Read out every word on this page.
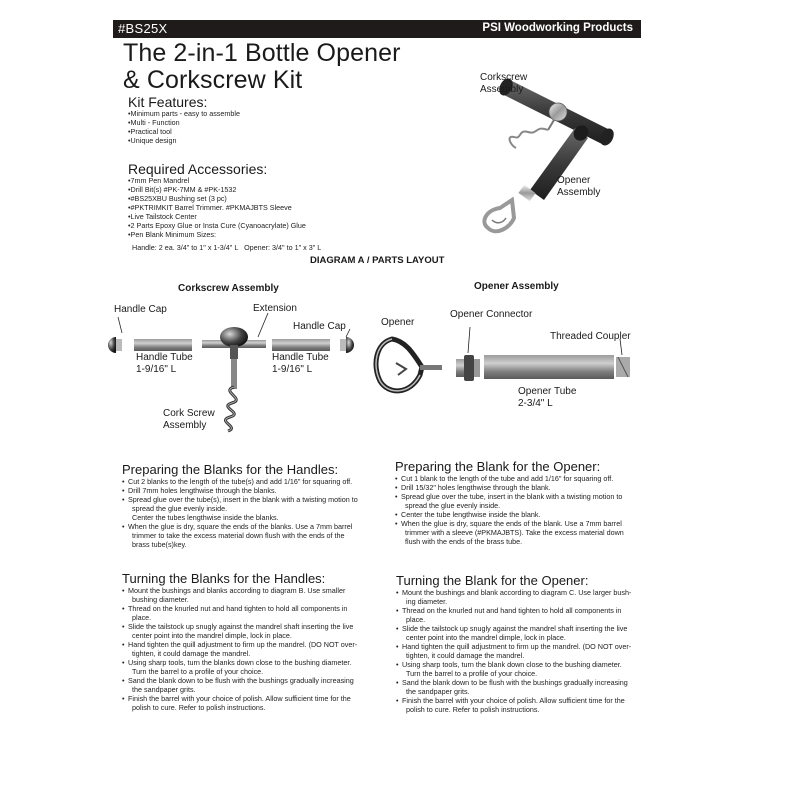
#BS25X	PSI Woodworking Products
The 2-in-1 Bottle Opener
& Corkscrew Kit
Kit Features:
• Minimum parts - easy to assemble
• Multi - Function
• Practical tool
• Unique design
Required Accessories:
• 7mm Pen Mandrel
• Drill Bit(s) #PK-7MM & #PK-1532
• #BS25XBU Bushing set (3 pc)
• #PKTRIMKIT Barrel Trimmer. #PKMAJBTS Sleeve
• Live Tailstock Center
• 2 Parts Epoxy Glue or Insta Cure (Cyanoacrylate) Glue
• Pen Blank Minimum Sizes:
Handle: 2 ea. 3/4" to 1" x 1-3/4" L   Opener: 3/4" to 1" x 3" L
Corkscrew
Assembly
Opener
Assembly
DIAGRAM A / PARTS LAYOUT
Corkscrew Assembly	Opener Assembly
Handle Cap	Extension
Handle Cap
Handle Tube
1-9/16" L
Handle Tube
1-9/16" L
Cork Screw
Assembly
Opener
Opener Connector
Threaded Coupler
Opener Tube
2-3/4" L
Preparing the Blanks for the Handles:
• Cut 2 blanks to the length of the tube(s) and add 1/16" for squaring off.
• Drill 7mm holes lengthwise through the blanks.
• Spread glue over the tube(s), insert in the blank with a twisting motion to
spread the glue evenly inside.
Center the tubes lengthwise inside the blanks.
• When the glue is dry, square the ends of the blanks. Use a 7mm barrel
trimmer to take the excess material down flush with the ends of the
brass tube(s)key.
Preparing the Blank for the Opener:
• Cut 1 blank to the length of the tube and add 1/16" for squaring off.
• Drill 15/32" holes lengthwise through the blank.
• Spread glue over the tube, insert in the blank with a twisting motion to
spread the glue evenly inside.
• Center the tube lengthwise inside the blank.
• When the glue is dry, square the ends of the blank. Use a 7mm barrel
trimmer with a sleeve (#PKMAJBTS). Take the excess material down
flush with the ends of the brass tube.
Turning the Blanks for the Handles:
• Mount the bushings and blanks according to diagram B. Use smaller
bushing diameter.
• Thread on the knurled nut and hand tighten to hold all components in
place.
• Slide the tailstock up snugly against the mandrel shaft inserting the live
center point into the mandrel dimple, lock in place.
• Hand tighten the quill adjustment to firm up the mandrel. (DO NOT over-
tighten, it could damage the mandrel.
• Using sharp tools, turn the blanks down close to the bushing diameter.
Turn the barrel to a profile of your choice.
• Sand the blank down to be flush with the bushings gradually increasing
the sandpaper grits.
• Finish the barrel with your choice of polish. Allow sufficient time for the
polish to cure. Refer to polish instructions.
Turning the Blank for the Opener:
• Mount the bushings and blank according to diagram C. Use larger bush-
ing diameter.
• Thread on the knurled nut and hand tighten to hold all components in
place.
• Slide the tailstock up snugly against the mandrel shaft inserting the live
center point into the mandrel dimple, lock in place.
• Hand tighten the quill adjustment to firm up the mandrel. (DO NOT over-
tighten, it could damage the mandrel.
• Using sharp tools, turn the blank down close to the bushing diameter.
Turn the barrel to a profile of your choice.
• Sand the blank down to be flush with the bushings gradually increasing
the sandpaper grits.
• Finish the barrel with your choice of polish. Allow sufficient time for the
polish to cure. Refer to polish instructions.
